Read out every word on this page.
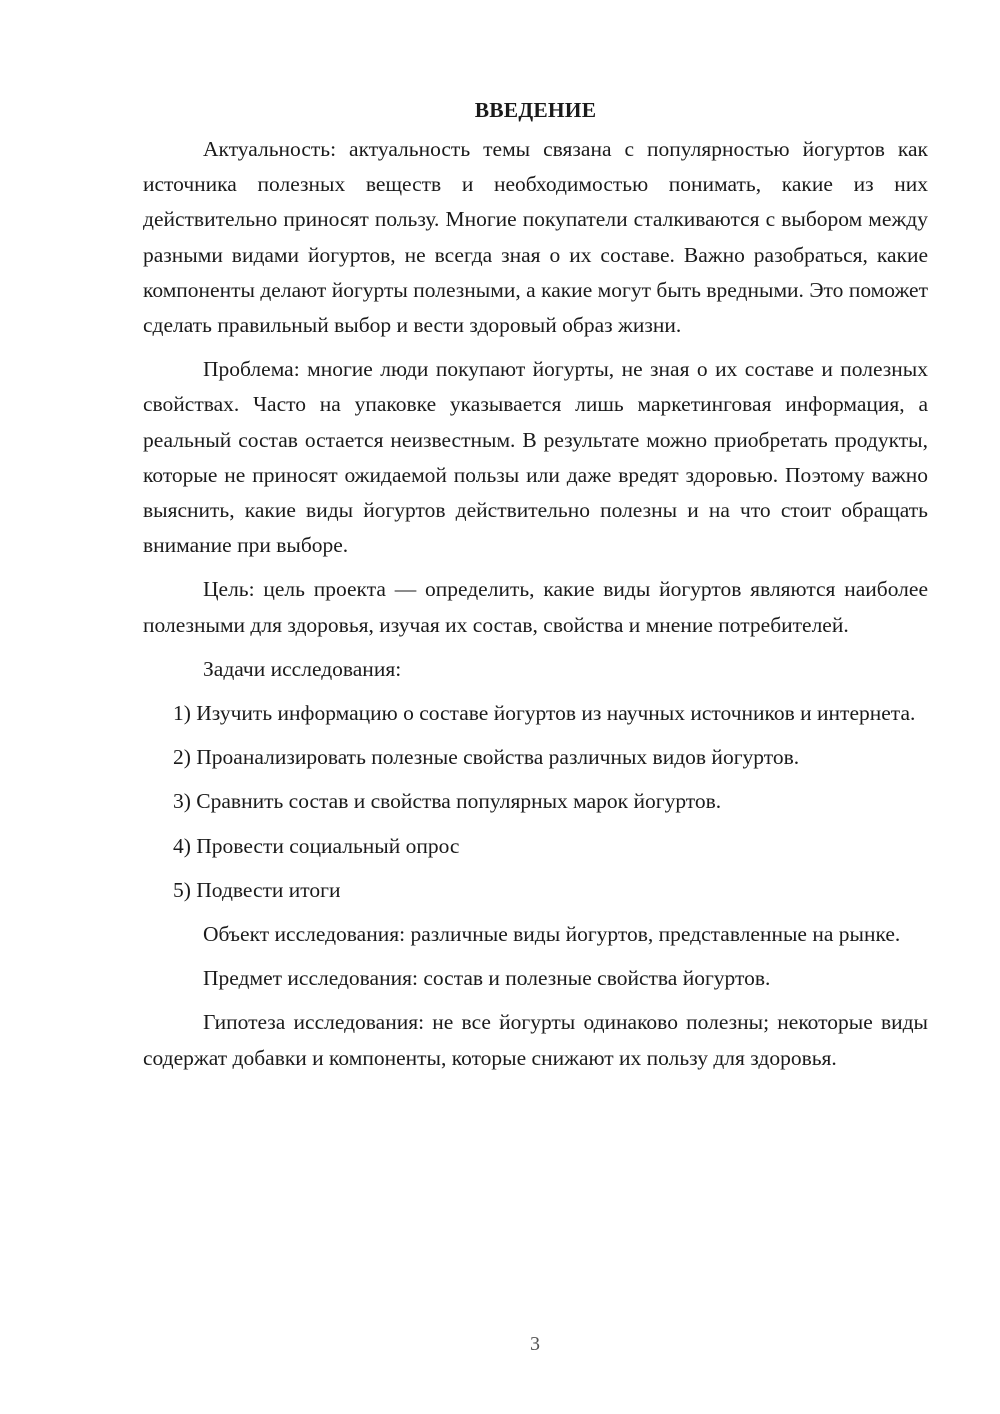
ВВЕДЕНИЕ

Актуальность: актуальность темы связана с популярностью йогуртов как источника полезных веществ и необходимостью понимать, какие из них действительно приносят пользу. Многие покупатели сталкиваются с выбором между разными видами йогуртов, не всегда зная о их составе. Важно разобраться, какие компоненты делают йогурты полезными, а какие могут быть вредными. Это поможет сделать правильный выбор и вести здоровый образ жизни.

Проблема: многие люди покупают йогурты, не зная о их составе и полезных свойствах. Часто на упаковке указывается лишь маркетинговая информация, а реальный состав остается неизвестным. В результате можно приобретать продукты, которые не приносят ожидаемой пользы или даже вредят здоровью. Поэтому важно выяснить, какие виды йогуртов действительно полезны и на что стоит обращать внимание при выборе.

Цель: цель проекта — определить, какие виды йогуртов являются наиболее полезными для здоровья, изучая их состав, свойства и мнение потребителей.

Задачи исследования:

1) Изучить информацию о составе йогуртов из научных источников и интернета.

2) Проанализировать полезные свойства различных видов йогуртов.

3) Сравнить состав и свойства популярных марок йогуртов.

4) Провести социальный опрос

5) Подвести итоги

Объект исследования: различные виды йогуртов, представленные на рынке.

Предмет исследования: состав и полезные свойства йогуртов.

Гипотеза исследования: не все йогурты одинаково полезны; некоторые виды содержат добавки и компоненты, которые снижают их пользу для здоровья.

3
